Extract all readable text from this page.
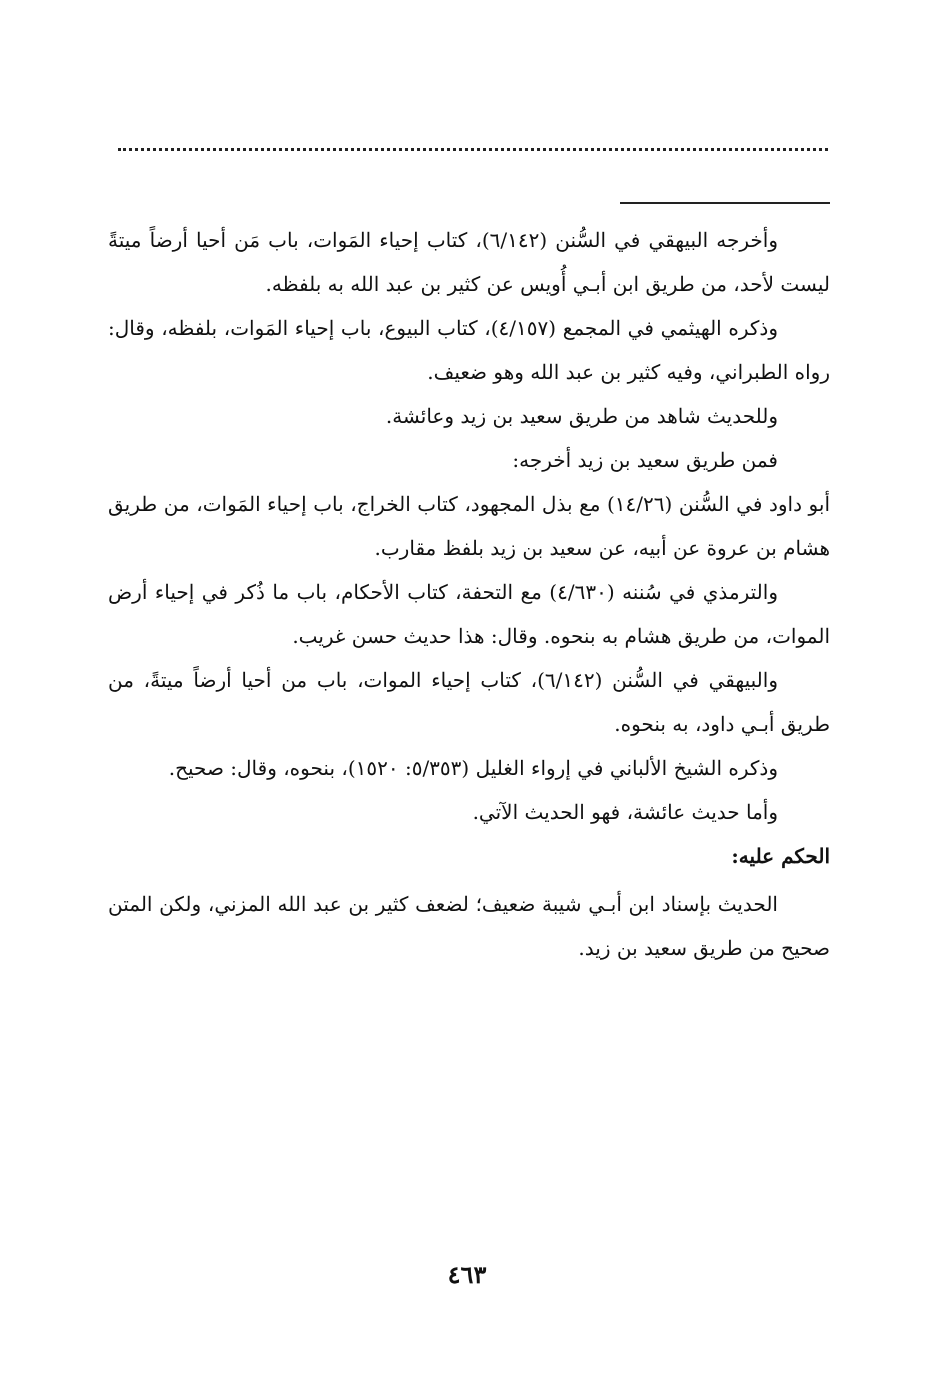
وأخرجه البيهقي في السُّنن (٦/١٤٢)، كتاب إحياء المَوات، باب مَن أحيا أرضاً ميتةً ليست لأحد، من طريق ابن أبـي أُويس عن كثير بن عبد الله به بلفظه.

وذكره الهيثمي في المجمع (٤/١٥٧)، كتاب البيوع، باب إحياء المَوات، بلفظه، وقال: رواه الطبراني، وفيه كثير بن عبد الله وهو ضعيف.

وللحديث شاهد من طريق سعيد بن زيد وعائشة.

فمن طريق سعيد بن زيد أخرجه:

أبو داود في السُّنن (١٤/٢٦) مع بذل المجهود، كتاب الخراج، باب إحياء المَوات، من طريق هشام بن عروة عن أبيه، عن سعيد بن زيد بلفظ مقارب.

والترمذي في سُننه (٤/٦٣٠) مع التحفة، كتاب الأحكام، باب ما ذُكر في إحياء أرض الموات، من طريق هشام به بنحوه. وقال: هذا حديث حسن غريب.

والبيهقي في السُّنن (٦/١٤٢)، كتاب إحياء الموات، باب من أحيا أرضاً ميتةً، من طريق أبـي داود، به بنحوه.

وذكره الشيخ الألباني في إرواء الغليل (٥/٣٥٣: ١٥٢٠)، بنحوه، وقال: صحيح.

وأما حديث عائشة، فهو الحديث الآتي.

الحكم عليه:

الحديث بإسناد ابن أبـي شيبة ضعيف؛ لضعف كثير بن عبد الله المزني، ولكن المتن صحيح من طريق سعيد بن زيد.

٤٦٣
